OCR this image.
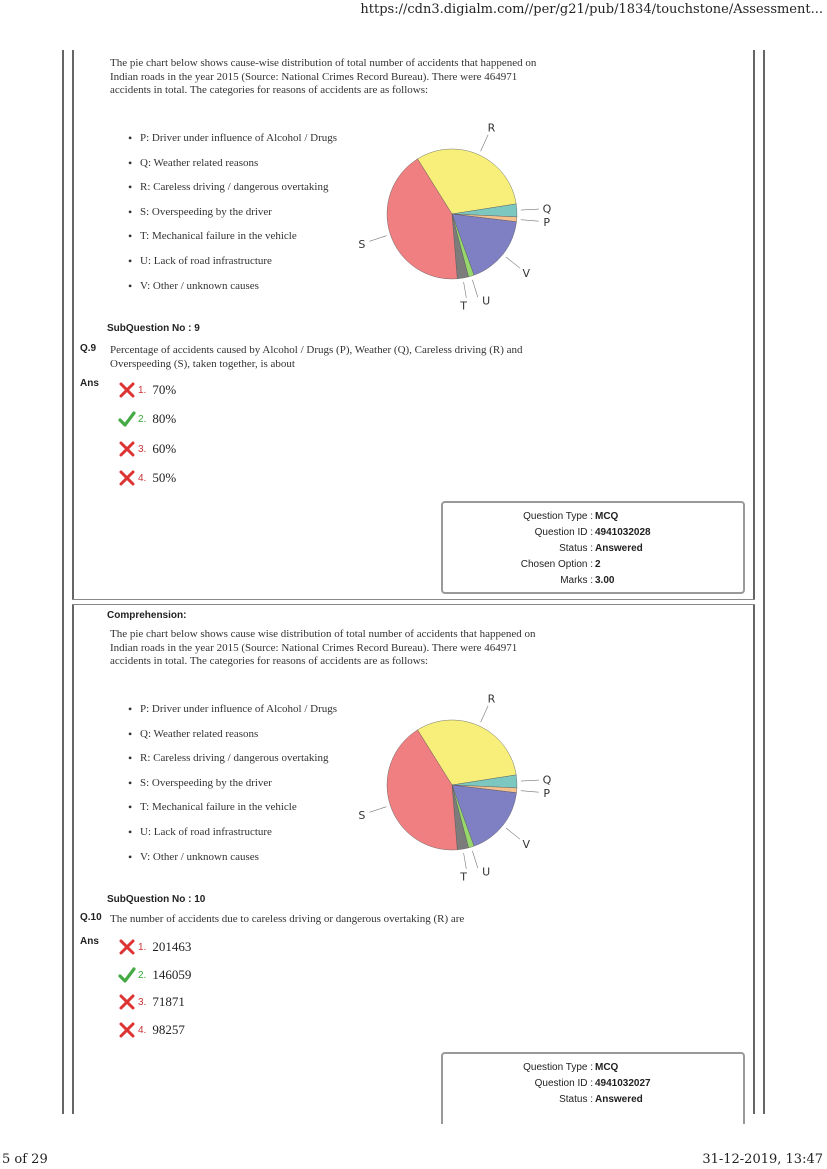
https://cdn3.digialm.com//per/g21/pub/1834/touchstone/Assessment...
5 of 29	31-12-2019, 13:47
The pie chart below shows cause-wise distribution of total number of accidents that happened on Indian roads in the year 2015 (Source: National Crimes Record Bureau). There were 464971 accidents in total. The categories for reasons of accidents are as follows:
• P: Driver under influence of Alcohol / Drugs
• Q: Weather related reasons
• R: Careless driving / dangerous overtaking
• S: Overspeeding by the driver
• T: Mechanical failure in the vehicle
• U: Lack of road infrastructure
• V: Other / unknown causes
R
Q
P
V
U
T
S
SubQuestion No : 9
Q.9 Percentage of accidents caused by Alcohol / Drugs (P), Weather (Q), Careless driving (R) and Overspeeding (S), taken together, is about
Ans
1. 70%
2. 80%
3. 60%
4. 50%
Question Type : MCQ
Question ID : 4941032028
Status : Answered
Chosen Option : 2
Marks : 3.00
Comprehension:
The pie chart below shows cause wise distribution of total number of accidents that happened on Indian roads in the year 2015 (Source: National Crimes Record Bureau). There were 464971 accidents in total. The categories for reasons of accidents are as follows:
• P: Driver under influence of Alcohol / Drugs
• Q: Weather related reasons
• R: Careless driving / dangerous overtaking
• S: Overspeeding by the driver
• T: Mechanical failure in the vehicle
• U: Lack of road infrastructure
• V: Other / unknown causes
R
Q
P
V
U
T
S
SubQuestion No : 10
Q.10 The number of accidents due to careless driving or dangerous overtaking (R) are
Ans	1. 201463
2. 146059
3. 71871
4. 98257
Question Type : MCQ
Question ID : 4941032027
Status : Answered
